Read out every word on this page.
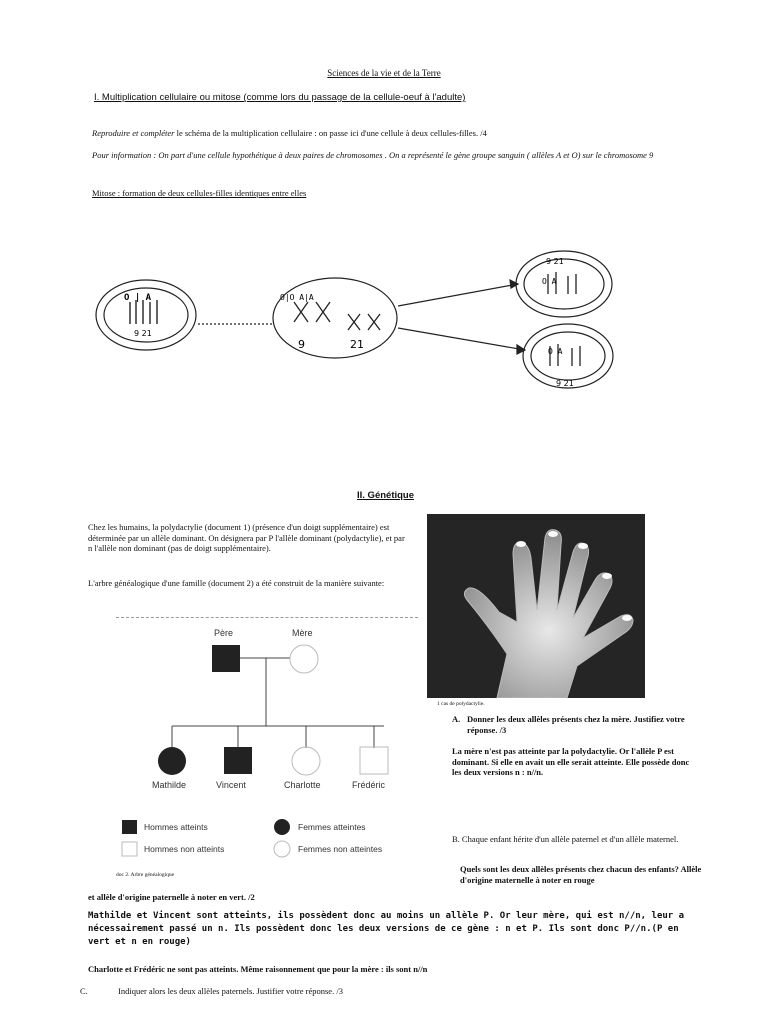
Sciences de la vie et de la Terre
I. Multiplication cellulaire ou mitose (comme lors du passage de la cellule-oeuf à l'adulte)
Reproduire et compléter le schéma de la multiplication cellulaire : on passe ici d'une cellule à deux cellules-filles. /4
Pour information : On part d'une cellule hypothétique à deux paires de chromosomes . On a représenté le gène groupe sanguin ( allèles A et O) sur le chromosome 9
Mitose : formation de deux cellules-filles identiques entre elles
O | A
9 21
O|O A|A
9	21
9 21
O A
O A
9 21
II. Génétique
Chez les humains, la polydactylie (document 1) (présence d'un doigt supplémentaire) est déterminée par un allèle dominant. On désignera par P l'allèle dominant (polydactylie), et par n l'allèle non dominant (pas de doigt supplémentaire).
L'arbre généalogique d'une famille (document 2) a été construit de la manière suivante:
1 cas de polydactylie.
Père	Mère
Mathilde	Vincent	Charlotte	Frédéric
Hommes atteints
Hommes non atteints
Femmes atteintes
Femmes non atteintes
doc 2. Arbre généalogique
A. Donner les deux allèles présents chez la mère. Justifiez votre réponse. /3
La mère n'est pas atteinte par la polydactylie. Or l'allèle P est dominant. Si elle en avait un elle serait atteinte. Elle possède donc les deux versions n : n//n.
B. Chaque enfant hérite d'un allèle paternel et d'un allèle maternel.
Quels sont les deux allèles présents chez chacun des enfants? Allèle d'origine maternelle à noter en rouge
et allèle d'origine paternelle à noter en vert. /2
Mathilde et Vincent sont atteints, ils possèdent donc au moins un allèle P. Or leur mère, qui est n//n, leur a nécessairement passé un n. Ils possèdent donc les deux versions de ce gène : n et P. Ils sont donc P//n.(P en vert et n en rouge)
Charlotte et Frédéric ne sont pas atteints. Même raisonnement que pour la mère : ils sont n//n
C.	Indiquer alors les deux allèles paternels. Justifier votre réponse. /3
